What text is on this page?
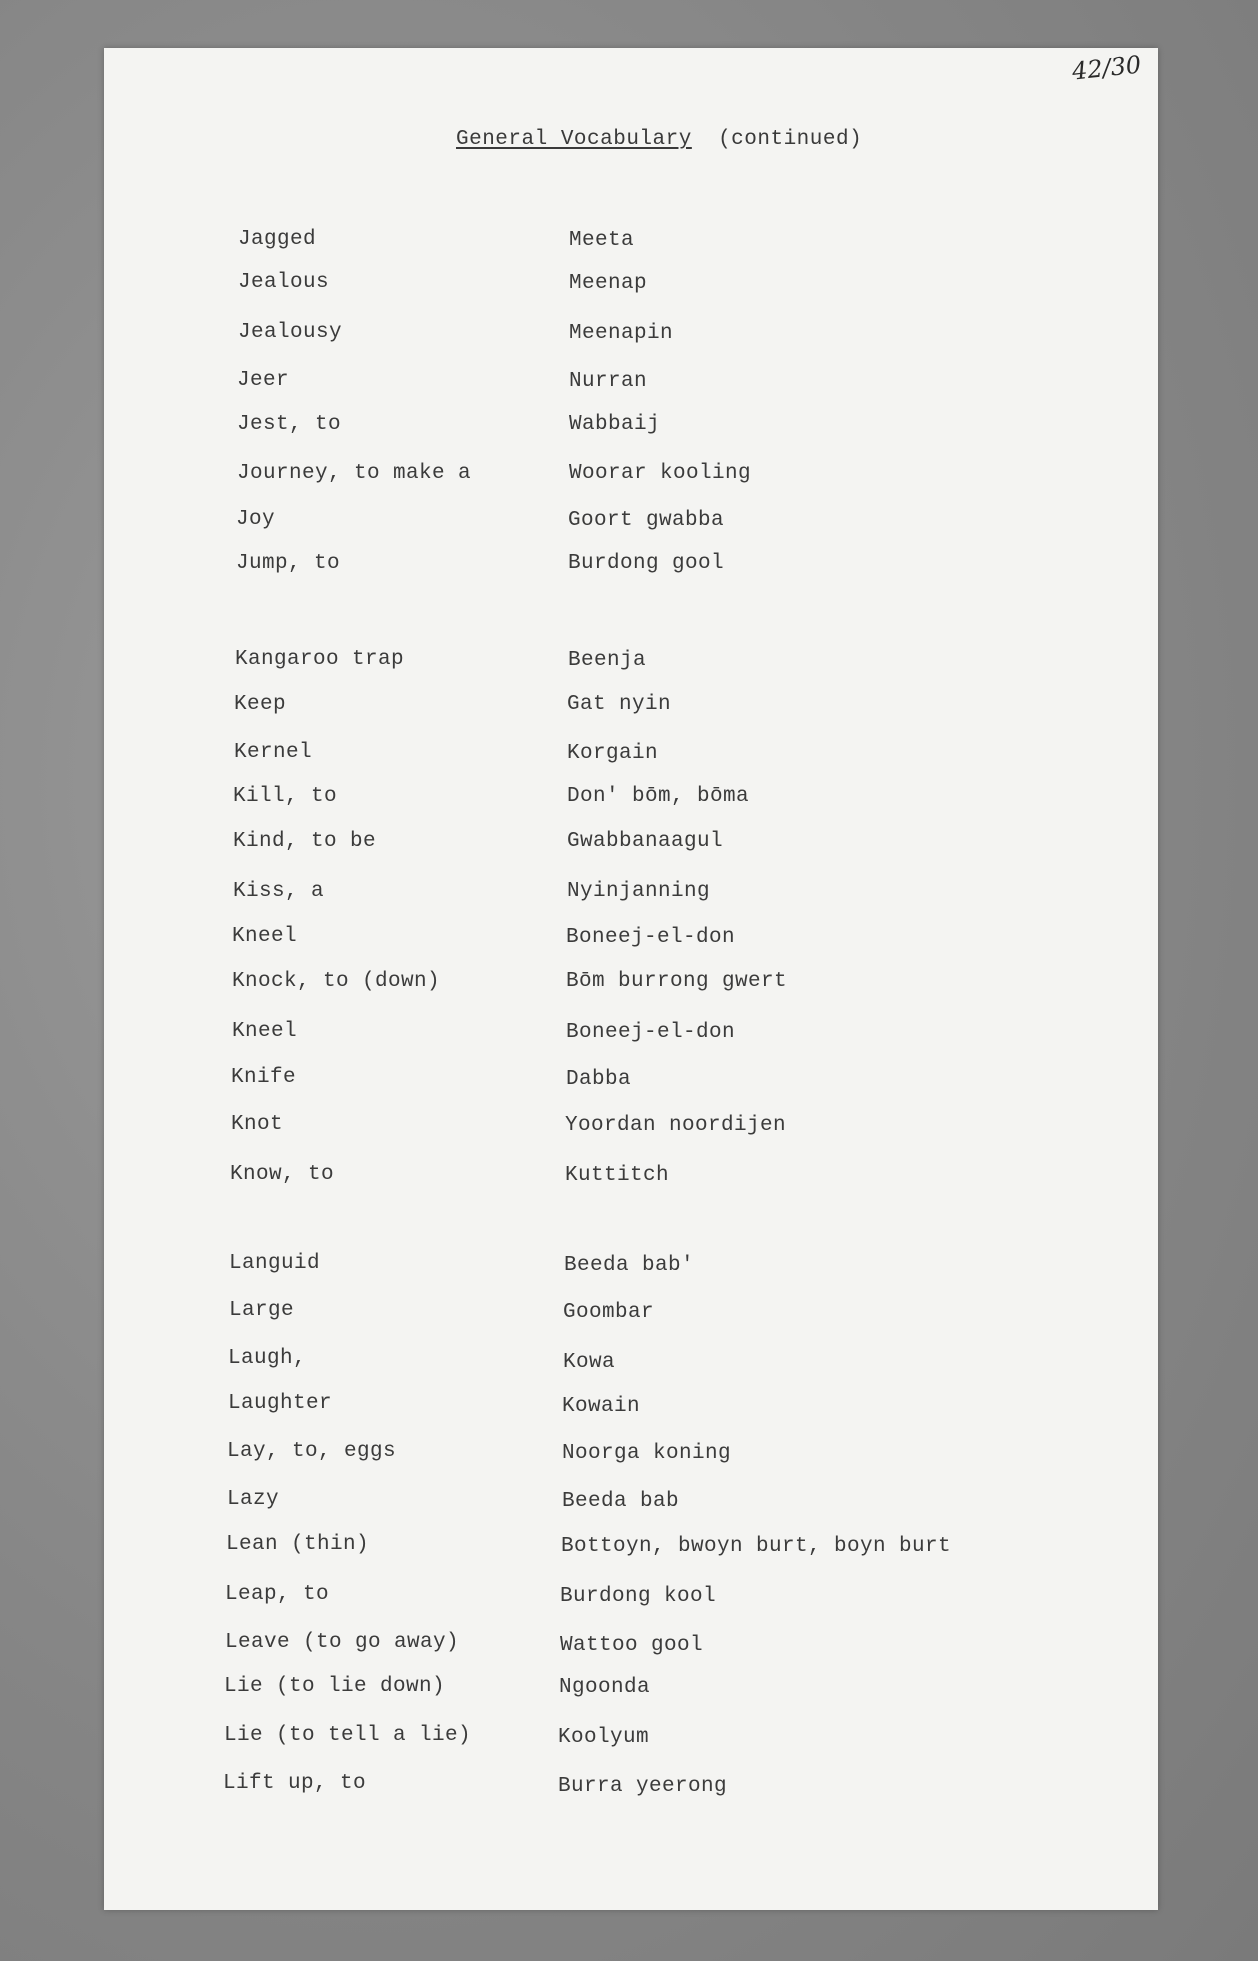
42/30
General Vocabulary (continued)
Jagged	Meeta
Jealous	Meenap
Jealousy	Meenapin
Jeer	Nurran
Jest, to	Wabbaij
Journey, to make a	Woorar kooling
Joy	Goort gwabba
Jump, to	Burdong gool
Kangaroo trap	Beenja
Keep	Gat nyin
Kernel	Korgain
Kill, to	Don' bōm, bōma
Kind, to be	Gwabbanaagul
Kiss, a	Nyinjanning
Kneel	Boneej-el-don
Knock, to (down)	Bōm burrong gwert
Kneel	Boneej-el-don
Knife	Dabba
Knot	Yoordan noordijen
Know, to	Kuttitch
Languid	Beeda bab'
Large	Goombar
Laugh,	Kowa
Laughter	Kowain
Lay, to, eggs	Noorga koning
Lazy	Beeda bab
Lean (thin)	Bottoyn, bwoyn burt, boyn burt
Leap, to	Burdong kool
Leave (to go away)	Wattoo gool
Lie (to lie down)	Ngoonda
Lie (to tell a lie)	Koolyum
Lift up, to	Burra yeerong
